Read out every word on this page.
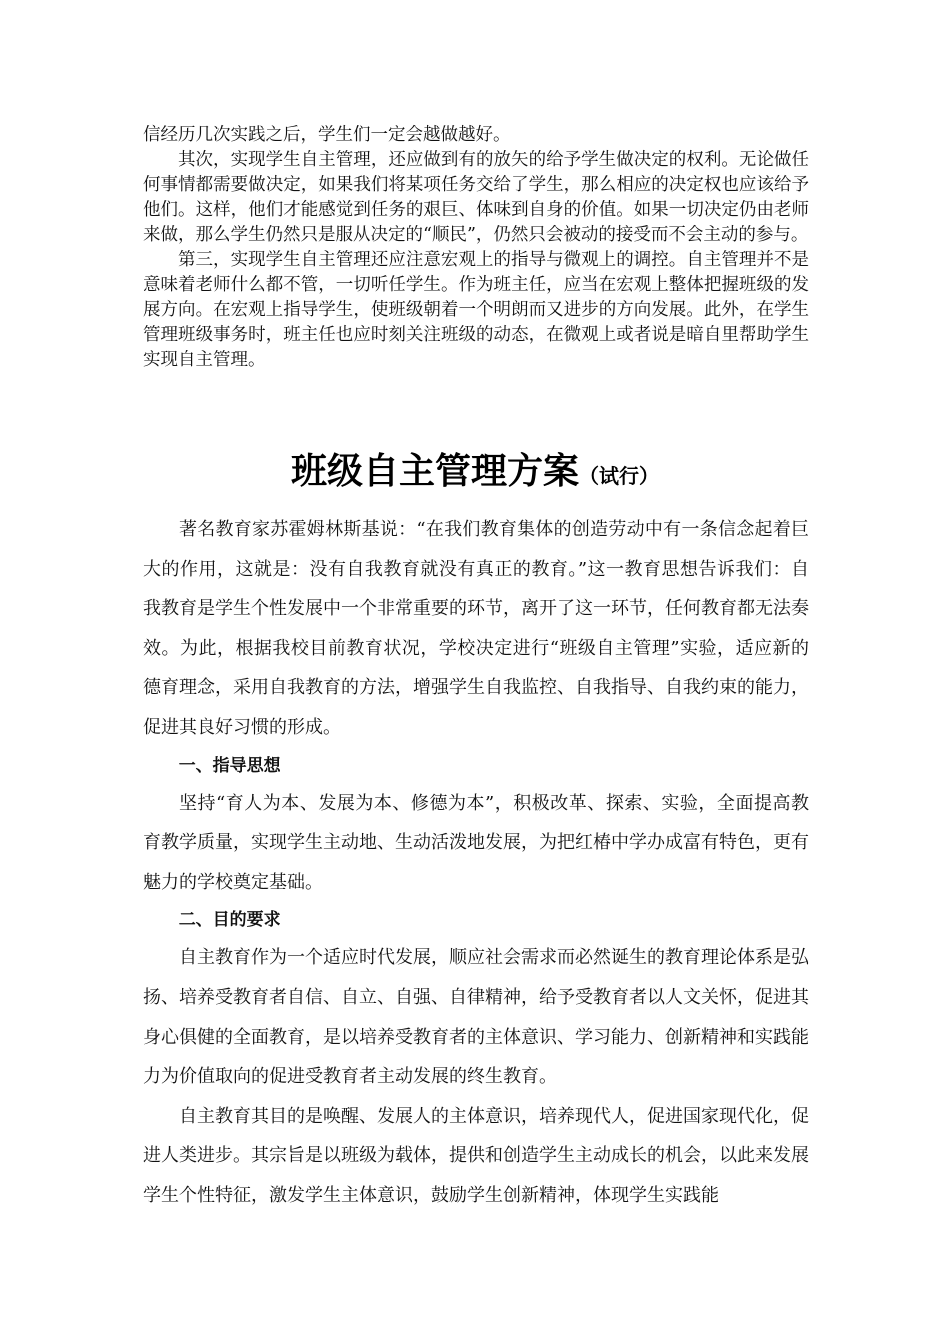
信经历几次实践之后，学生们一定会越做越好。

其次，实现学生自主管理，还应做到有的放矢的给予学生做决定的权利。无论做任何事情都需要做决定，如果我们将某项任务交给了学生，那么相应的决定权也应该给予他们。这样，他们才能感觉到任务的艰巨、体味到自身的价值。如果一切决定仍由老师来做，那么学生仍然只是服从决定的“顺民”，仍然只会被动的接受而不会主动的参与。

第三，实现学生自主管理还应注意宏观上的指导与微观上的调控。自主管理并不是意味着老师什么都不管，一切听任学生。作为班主任，应当在宏观上整体把握班级的发展方向。在宏观上指导学生，使班级朝着一个明朗而又进步的方向发展。此外，在学生管理班级事务时，班主任也应时刻关注班级的动态，在微观上或者说是暗自里帮助学生实现自主管理。

班级自主管理方案（试行）

著名教育家苏霍姆林斯基说：“在我们教育集体的创造劳动中有一条信念起着巨大的作用，这就是：没有自我教育就没有真正的教育。”这一教育思想告诉我们：自我教育是学生个性发展中一个非常重要的环节，离开了这一环节，任何教育都无法奏效。为此，根据我校目前教育状况，学校决定进行“班级自主管理”实验，适应新的德育理念，采用自我教育的方法，增强学生自我监控、自我指导、自我约束的能力，促进其良好习惯的形成。

一、指导思想

坚持“育人为本、发展为本、修德为本”，积极改革、探索、实验，全面提高教育教学质量，实现学生主动地、生动活泼地发展，为把红椿中学办成富有特色，更有魅力的学校奠定基础。

二、目的要求

自主教育作为一个适应时代发展，顺应社会需求而必然诞生的教育理论体系是弘扬、培养受教育者自信、自立、自强、自律精神，给予受教育者以人文关怀，促进其身心俱健的全面教育，是以培养受教育者的主体意识、学习能力、创新精神和实践能力为价值取向的促进受教育者主动发展的终生教育。

自主教育其目的是唤醒、发展人的主体意识，培养现代人，促进国家现代化，促进人类进步。其宗旨是以班级为载体，提供和创造学生主动成长的机会，以此来发展学生个性特征，激发学生主体意识，鼓励学生创新精神，体现学生实践能
